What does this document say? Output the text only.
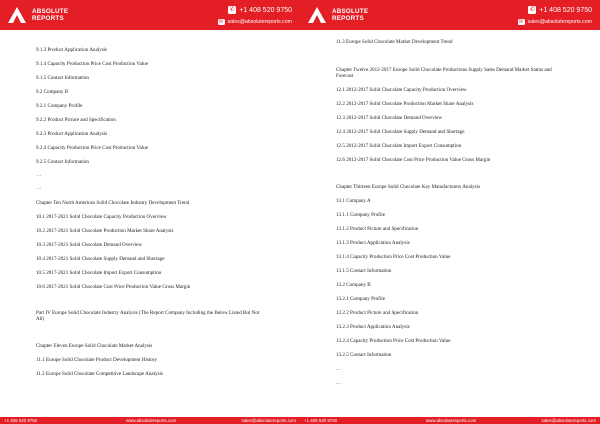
ABSOLUTE
REPORTS
✆ +1 408 520 9750
✉ sales@absolutereports.com
9.1.3 Product Application Analysis
9.1.4 Capacity Production Price Cost Production Value
9.1.5 Contact Information
9.2 Company B
9.2.1 Company Profile
9.2.2 Product Picture and Specification
9.2.3 Product Application Analysis
9.2.4 Capacity Production Price Cost Production Value
9.2.5 Contact Information
…
…
Chapter Ten North American Solid Chocolate Industry Development Trend
10.1 2017-2021 Solid Chocolate Capacity Production Overview
10.2 2017-2021 Solid Chocolate Production Market Share Analysis
10.3 2017-2021 Solid Chocolate Demand Overview
10.4 2017-2021 Solid Chocolate Supply Demand and Shortage
10.5 2017-2021 Solid Chocolate Import Export Consumption
10.6 2017-2021 Solid Chocolate Cost Price Production Value Gross Margin
Part IV Europe Solid Chocolate Industry Analysis (The Report Company Including the Below Listed But Not All)
Chapter Eleven Europe Solid Chocolate Market Analysis
11.1 Europe Solid Chocolate Product Development History
11.2 Europe Solid Chocolate Competitive Landscape Analysis
+1 408 520 9750	www.absolutereports.com	sales@absolutereports.com
ABSOLUTE
REPORTS
✆ +1 408 520 9750
✉ sales@absolutereports.com
11.3 Europe Solid Chocolate Market Development Trend
Chapter Twelve 2012-2017 Europe Solid Chocolate Productions Supply Sales Demand Market Status and Forecast
12.1 2012-2017 Solid Chocolate Capacity Production Overview
12.2 2012-2017 Solid Chocolate Production Market Share Analysis
12.3 2012-2017 Solid Chocolate Demand Overview
12.4 2012-2017 Solid Chocolate Supply Demand and Shortage
12.5 2012-2017 Solid Chocolate Import Export Consumption
12.6 2012-2017 Solid Chocolate Cost Price Production Value Gross Margin
Chapter Thirteen Europe Solid Chocolate Key Manufacturers Analysis
13.1 Company A
13.1.1 Company Profile
13.1.2 Product Picture and Specification
13.1.3 Product Application Analysis
13.1.4 Capacity Production Price Cost Production Value
13.1.5 Contact Information
13.2 Company B
13.2.1 Company Profile
13.2.2 Product Picture and Specification
13.2.3 Product Application Analysis
13.2.4 Capacity Production Price Cost Production Value
13.2.5 Contact Information
…
…
+1 408 520 9750	www.absolutereports.com	sales@absolutereports.com
